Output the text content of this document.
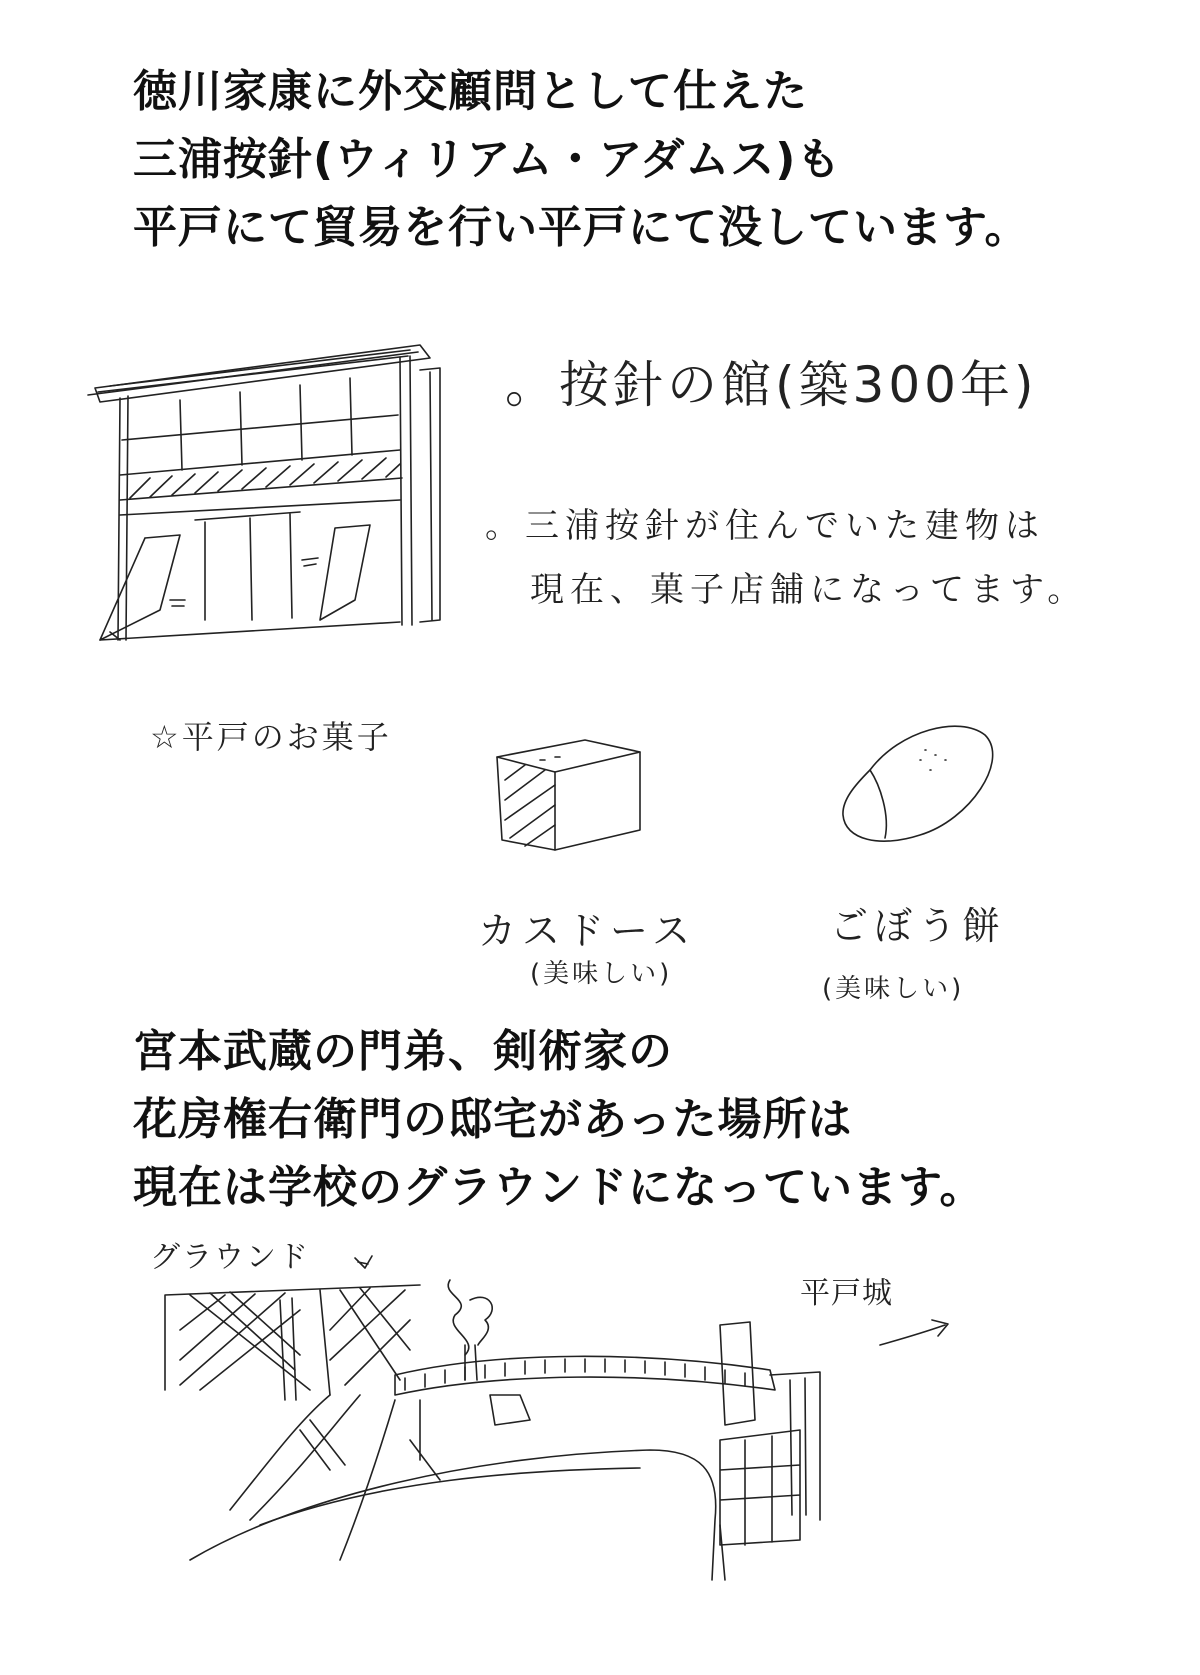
徳川家康に外交顧問として仕えた
三浦按針(ウィリアム・アダムス)も
平戸にて貿易を行い平戸にて没しています。
。按針の館(築300年)
。三浦按針が住んでいた建物は
現在、菓子店舗になってます。
☆平戸のお菓子
カスドース
(美味しい)
ごぼう餅
(美味しい)
宮本武蔵の門弟、剣術家の
花房権右衛門の邸宅があった場所は
現在は学校のグラウンドになっています。
グラウンド
平戸城
